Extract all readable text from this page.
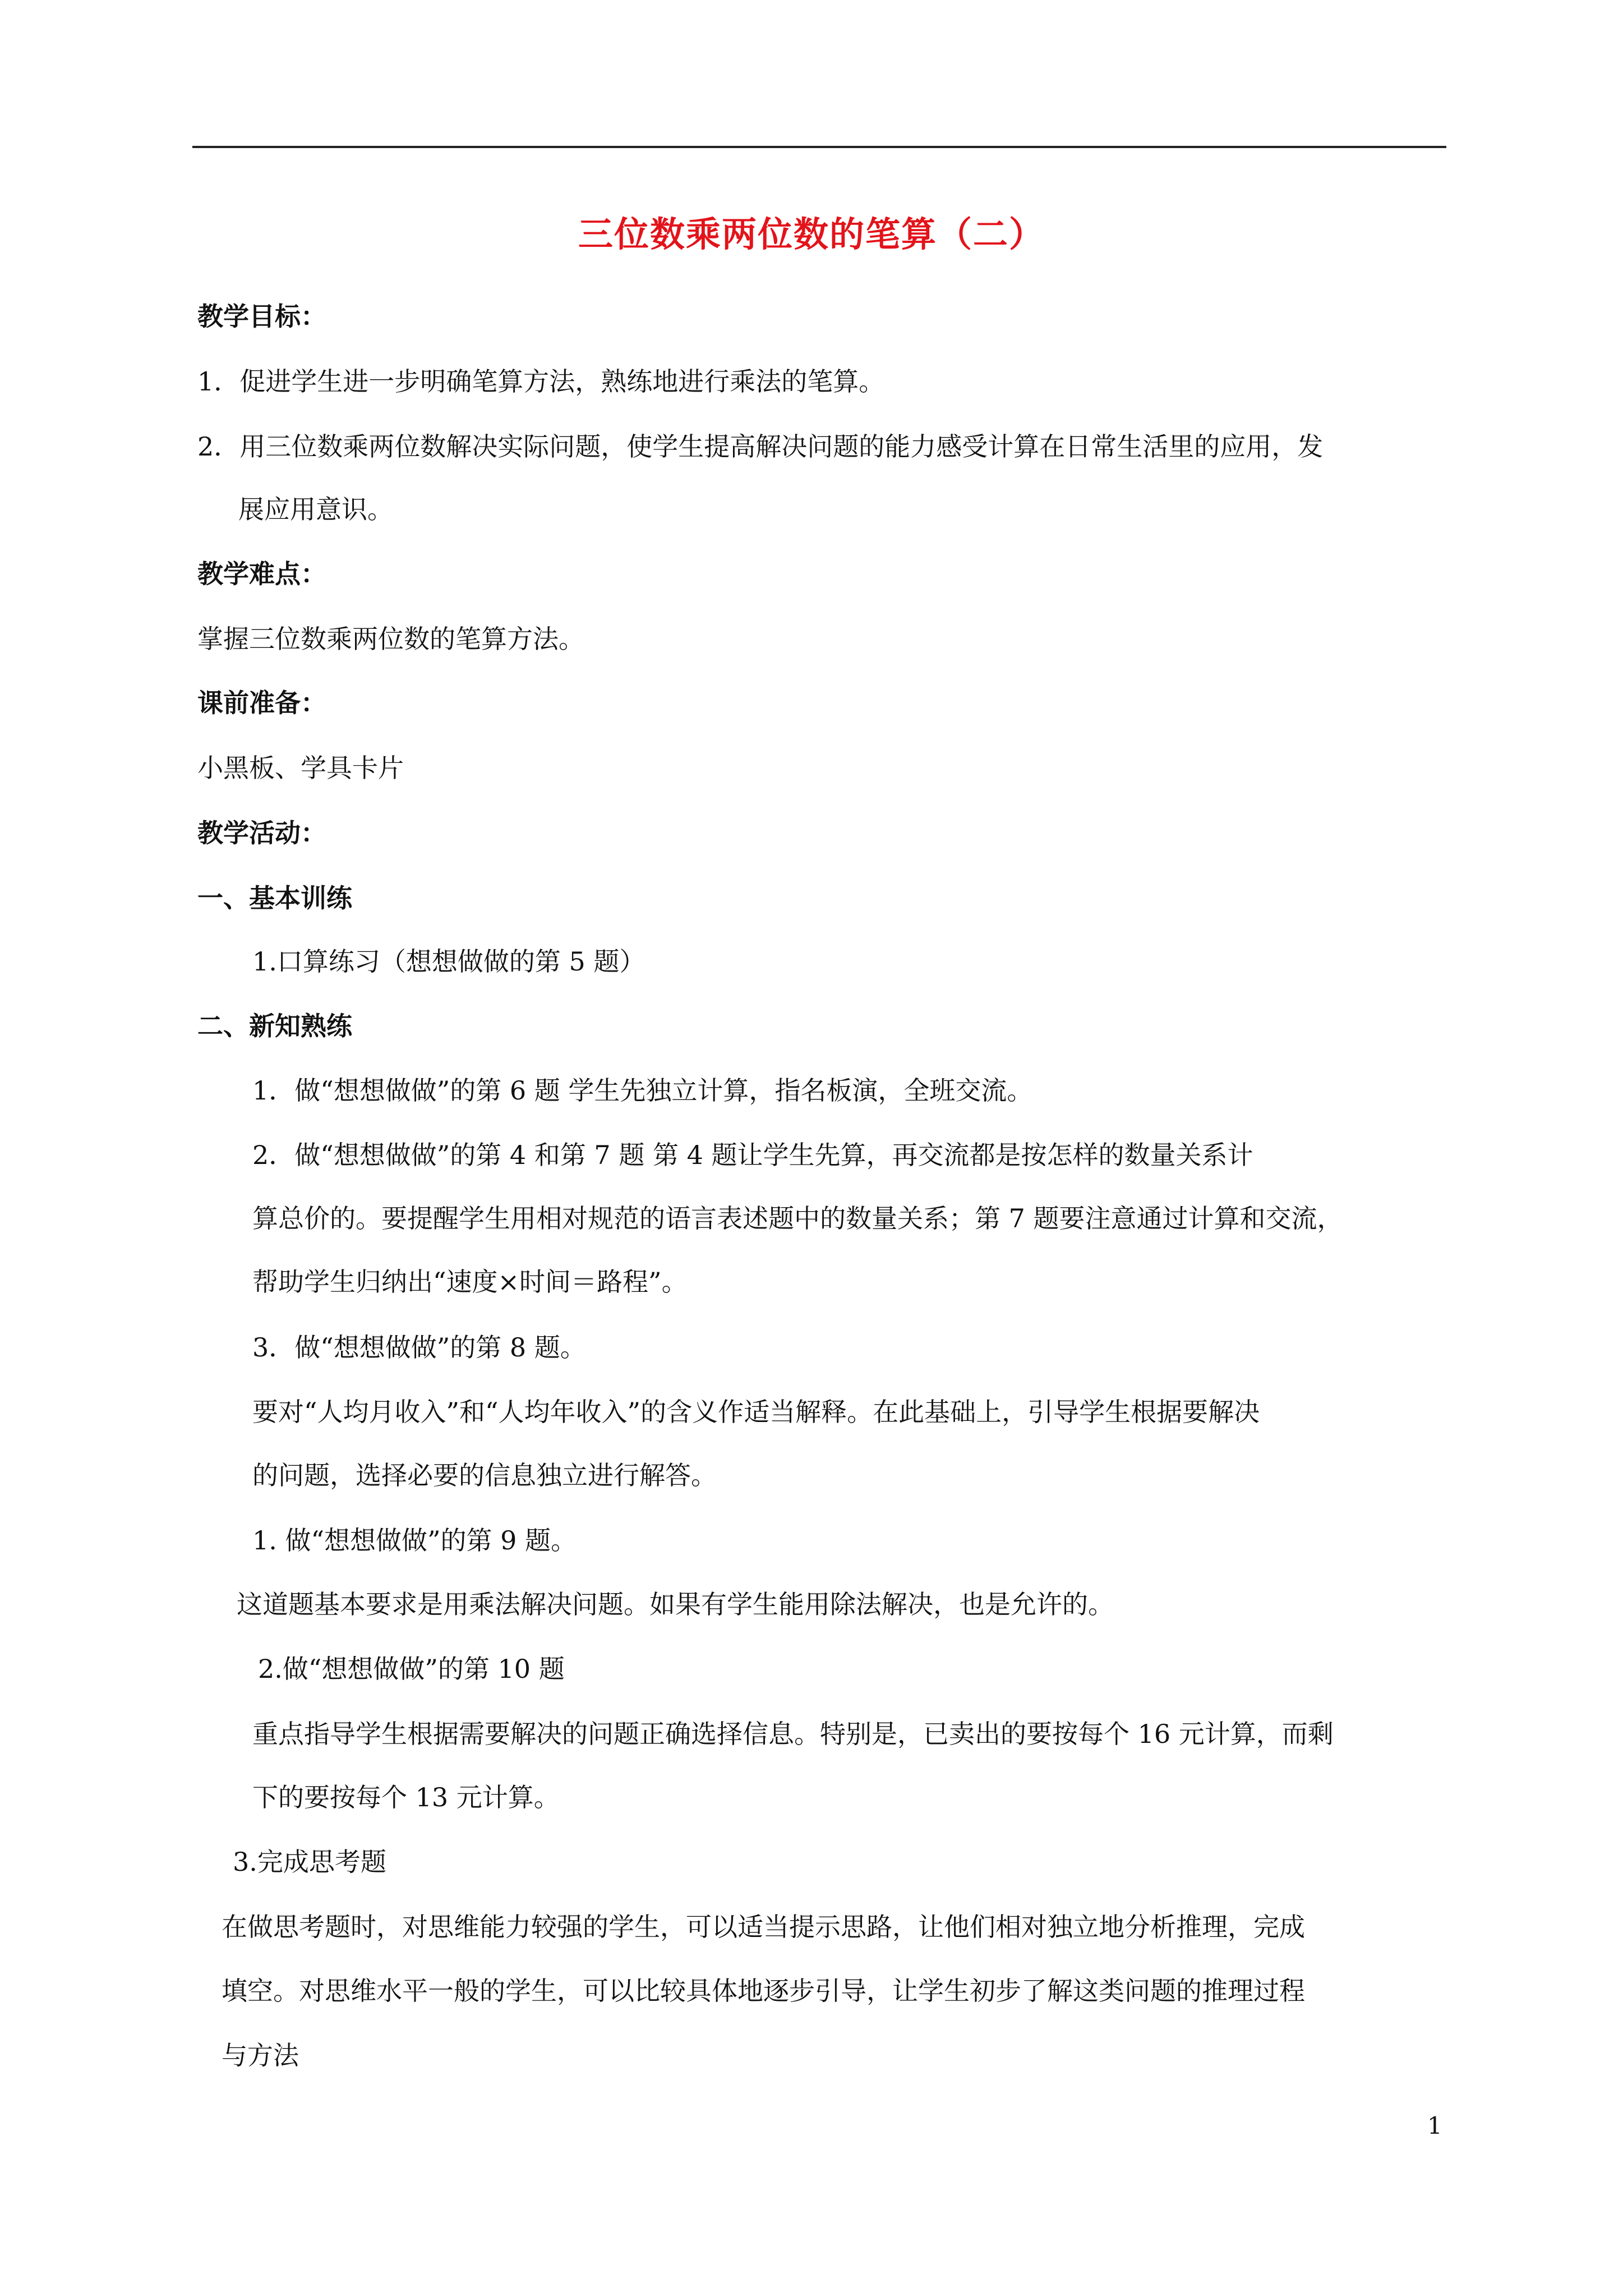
三位数乘两位数的笔算（二）
教学目标：
1．促进学生进一步明确笔算方法，熟练地进行乘法的笔算。
2．用三位数乘两位数解决实际问题，使学生提高解决问题的能力感受计算在日常生活里的应用，发
展应用意识。
教学难点：
掌握三位数乘两位数的笔算方法。
课前准备：
小黑板、学具卡片
教学活动：
一、基本训练
1.口算练习（想想做做的第 5 题）
二、新知熟练
1．做“想想做做”的第 6 题 学生先独立计算，指名板演，全班交流。
2．做“想想做做”的第 4 和第 7 题 第 4 题让学生先算，再交流都是按怎样的数量关系计
算总价的。要提醒学生用相对规范的语言表述题中的数量关系；第 7 题要注意通过计算和交流，
帮助学生归纳出“速度×时间＝路程”。
3．做“想想做做”的第 8 题。
要对“人均月收入”和“人均年收入”的含义作适当解释。在此基础上，引导学生根据要解决
的问题，选择必要的信息独立进行解答。
1. 做“想想做做”的第 9 题。
这道题基本要求是用乘法解决问题。如果有学生能用除法解决，也是允许的。
2.做“想想做做”的第 10 题
重点指导学生根据需要解决的问题正确选择信息。特别是，已卖出的要按每个 16 元计算，而剩
下的要按每个 13 元计算。
3.完成思考题
在做思考题时，对思维能力较强的学生，可以适当提示思路，让他们相对独立地分析推理，完成
填空。对思维水平一般的学生，可以比较具体地逐步引导，让学生初步了解这类问题的推理过程
与方法
1
